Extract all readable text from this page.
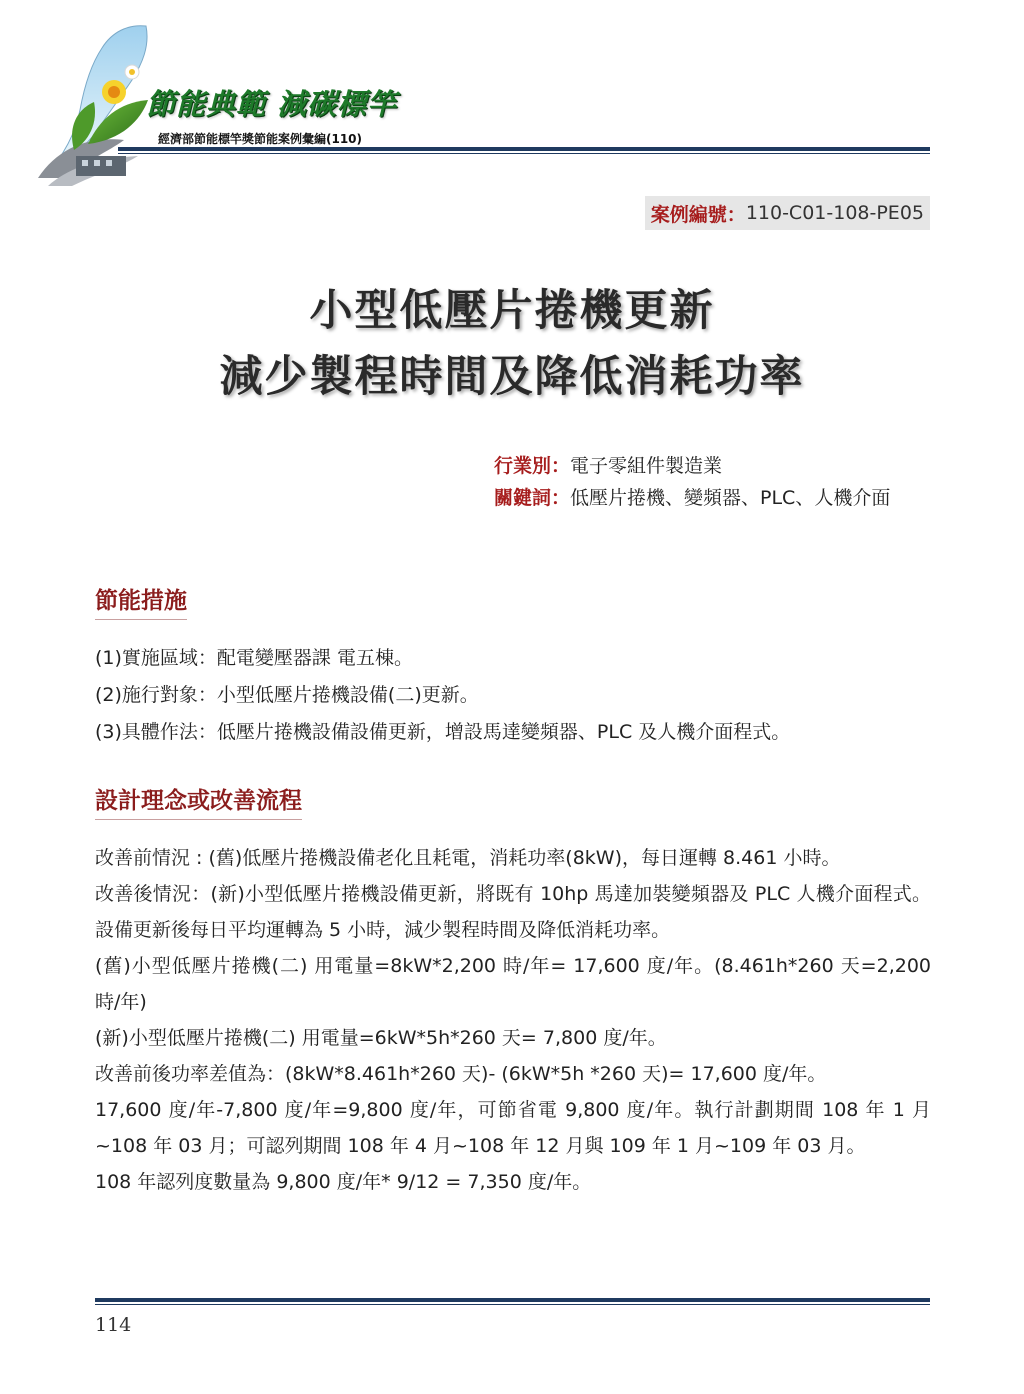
節能典範 減碳標竿
經濟部節能標竿獎節能案例彙編(110)
案例編號： 110-C01-108-PE05
小型低壓片捲機更新
減少製程時間及降低消耗功率
行業別： 電子零組件製造業
關鍵詞： 低壓片捲機、變頻器、PLC、人機介面
節能措施
(1)實施區域：配電變壓器課 電五棟。
(2)施行對象：小型低壓片捲機設備(二)更新。
(3)具體作法：低壓片捲機設備設備更新，增設馬達變頻器、PLC 及人機介面程式。
設計理念或改善流程

改善前情況 : (舊)低壓片捲機設備老化且耗電，消耗功率(8kW)，每日運轉 8.461 小時。

改善後情況：(新)小型低壓片捲機設備更新，將既有 10hp 馬達加裝變頻器及 PLC 人機介面程式。設備更新後每日平均運轉為 5 小時，減少製程時間及降低消耗功率。

(舊)小型低壓片捲機(二) 用電量=8kW*2,200 時/年= 17,600 度/年。(8.461h*260 天=2,200 時/年)

(新)小型低壓片捲機(二) 用電量=6kW*5h*260 天= 7,800 度/年。

改善前後功率差值為：(8kW*8.461h*260 天)- (6kW*5h *260 天)= 17,600 度/年。

17,600 度/年-7,800 度/年=9,800 度/年，可節省電 9,800 度/年。執行計劃期間 108 年 1 月~108 年 03 月；可認列期間 108 年 4 月~108 年 12 月與 109 年 1 月~109 年 03 月。

108 年認列度數量為 9,800 度/年* 9/12 = 7,350 度/年。

114
